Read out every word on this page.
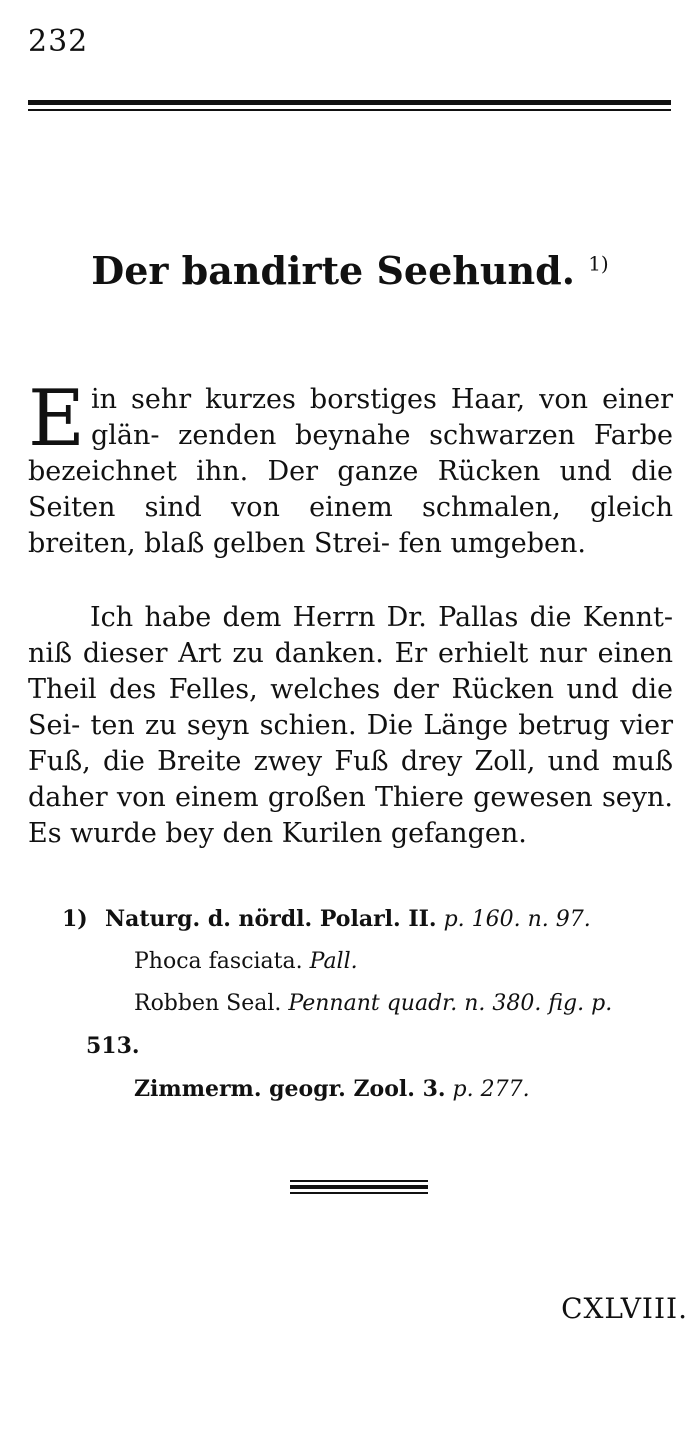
232
Der bandirte Seehund. $^{1)}$
Ein sehr kurzes borstiges Haar, von einer glän- zenden beynahe schwarzen Farbe bezeichnet ihn. Der ganze Rücken und die Seiten sind von einem schmalen, gleich breiten, blaß gelben Strei- fen umgeben.
Ich habe dem Herrn Dr. Pallas die Kennt- niß dieser Art zu danken. Er erhielt nur einen Theil des Felles, welches der Rücken und die Sei- ten zu seyn schien. Die Länge betrug vier Fuß, die Breite zwey Fuß drey Zoll, und muß daher von einem großen Thiere gewesen seyn. Es wurde bey den Kurilen gefangen.
1) Naturg. d. nördl. Polarl. II. p. 160. n. 97.
Phoca fasciata. Pall.
Robben Seal. Pennant quadr. n. 380. fig. p.
513.
Zimmerm. geogr. Zool. 3. p. 277.
CXLVIII.
